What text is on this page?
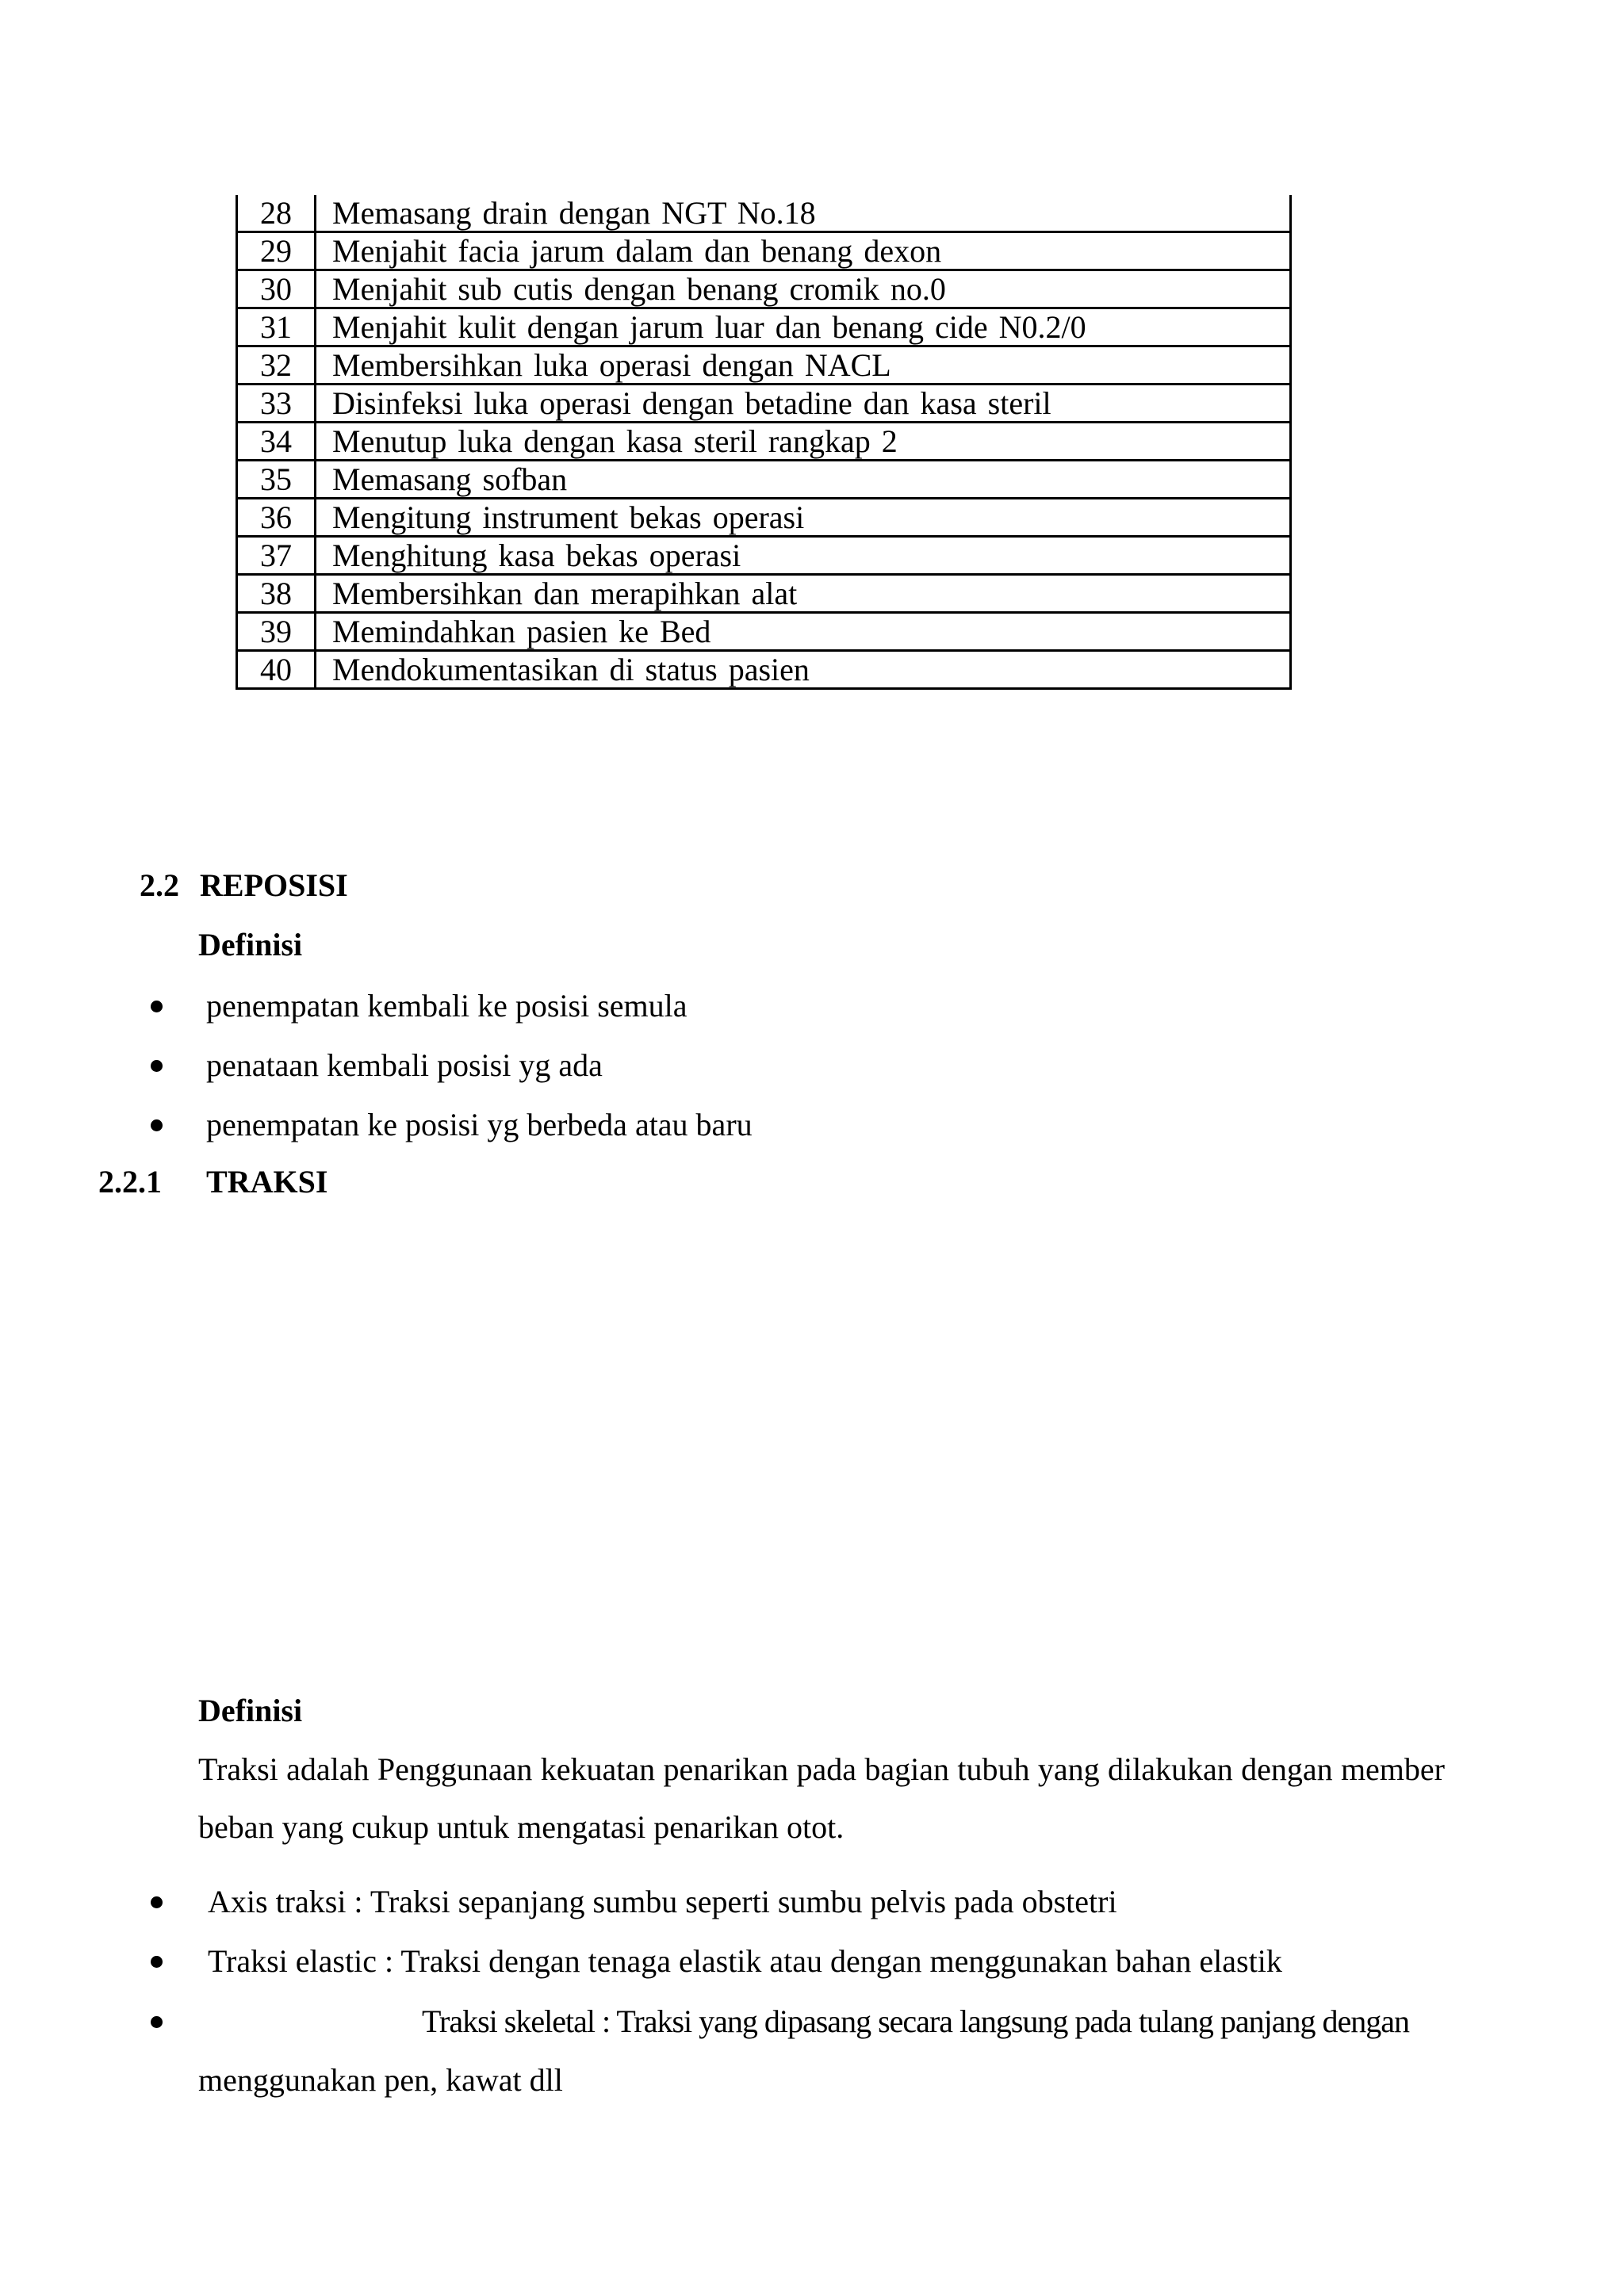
28	Memasang drain dengan NGT No.18
29	Menjahit facia jarum dalam dan benang dexon
30	Menjahit sub cutis dengan benang cromik no.0
31	Menjahit kulit dengan jarum luar dan benang cide N0.2/0
32	Membersihkan luka operasi dengan NACL
33	Disinfeksi luka operasi dengan betadine dan kasa steril
34	Menutup luka dengan kasa steril rangkap 2
35	Memasang sofban
36	Mengitung instrument bekas operasi
37	Menghitung kasa bekas operasi
38	Membersihkan dan merapihkan alat
39	Memindahkan pasien ke Bed
40	Mendokumentasikan di status pasien
2.2 REPOSISI
Definisi
penempatan kembali ke posisi semula
penataan kembali posisi yg ada
penempatan ke posisi yg berbeda atau baru
2.2.1 TRAKSI
Definisi
Traksi adalah Penggunaan kekuatan penarikan pada bagian tubuh yang dilakukan dengan member beban yang cukup untuk mengatasi penarikan otot.
Axis traksi : Traksi sepanjang sumbu seperti sumbu pelvis pada obstetri
Traksi elastic : Traksi dengan tenaga elastik atau dengan menggunakan bahan elastik
Traksi skeletal : Traksi yang dipasang secara langsung pada tulang panjang dengan
menggunakan pen, kawat dll
